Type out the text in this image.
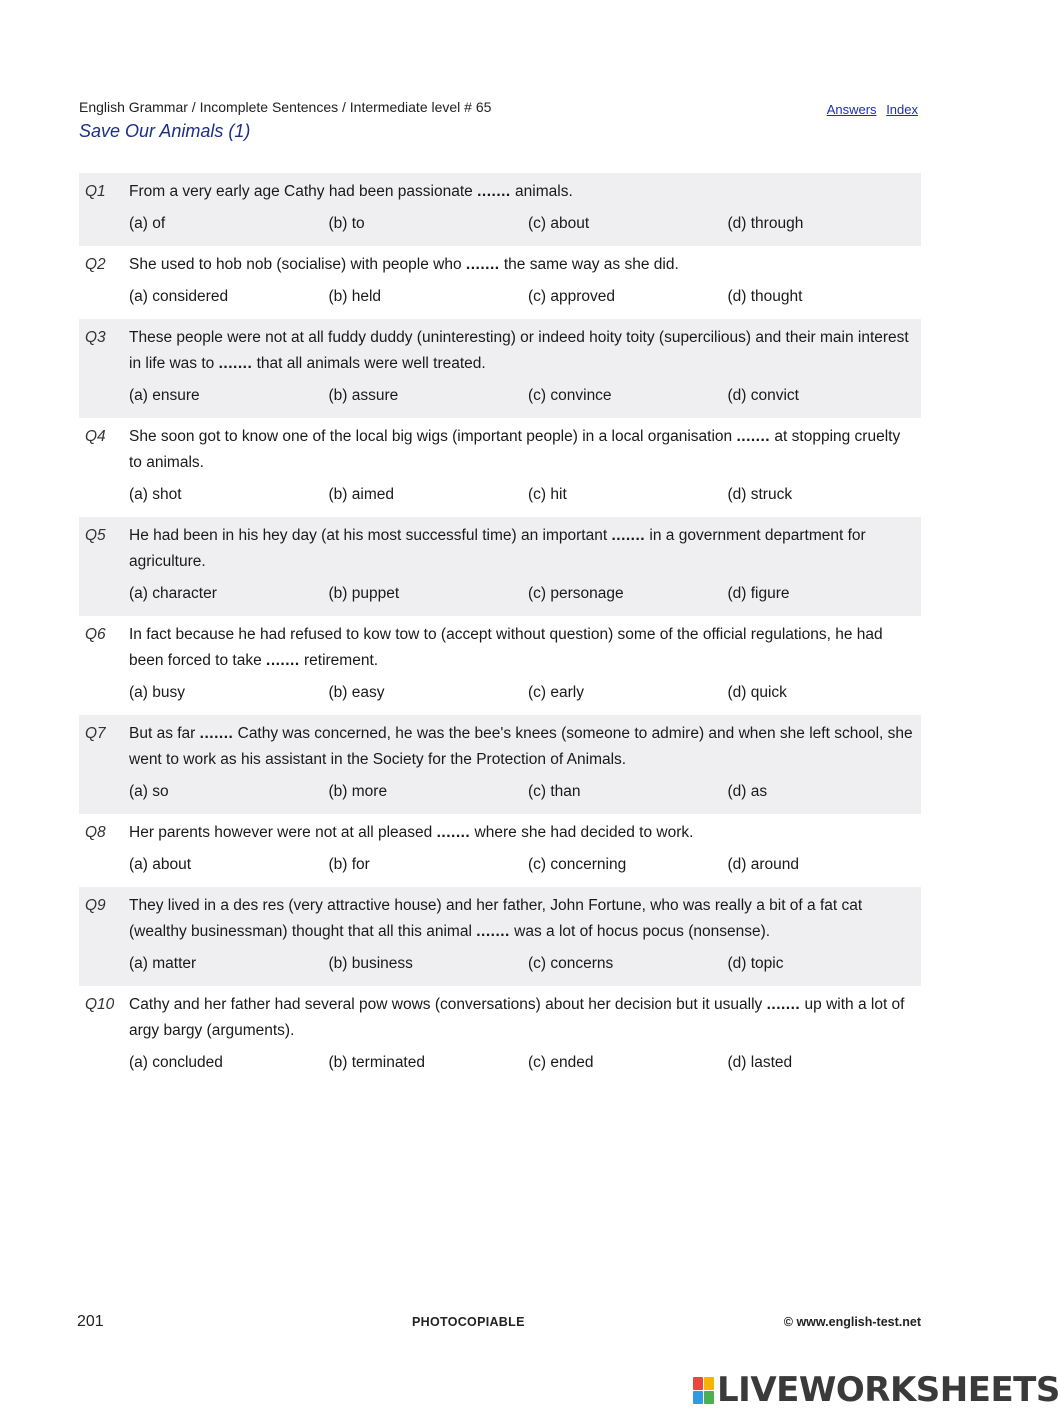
English Grammar / Incomplete Sentences / Intermediate level # 65
Save Our Animals (1)
Answers Index
Q1	From a very early age Cathy had been passionate ....... animals.
(a) of	(b) to	(c) about	(d) through
Q2	She used to hob nob (socialise) with people who ....... the same way as she did.
(a) considered	(b) held	(c) approved	(d) thought
Q3	These people were not at all fuddy duddy (uninteresting) or indeed hoity toity (supercilious) and their main interest in life was to ....... that all animals were well treated.
(a) ensure	(b) assure	(c) convince	(d) convict
Q4	She soon got to know one of the local big wigs (important people) in a local organisation ....... at stopping cruelty to animals.
(a) shot	(b) aimed	(c) hit	(d) struck
Q5	He had been in his hey day (at his most successful time) an important ....... in a government department for agriculture.
(a) character	(b) puppet	(c) personage	(d) figure
Q6	In fact because he had refused to kow tow to (accept without question) some of the official regulations, he had been forced to take ....... retirement.
(a) busy	(b) easy	(c) early	(d) quick
Q7	But as far ....... Cathy was concerned, he was the bee's knees (someone to admire) and when she left school, she went to work as his assistant in the Society for the Protection of Animals.
(a) so	(b) more	(c) than	(d) as
Q8	Her parents however were not at all pleased ....... where she had decided to work.
(a) about	(b) for	(c) concerning	(d) around
Q9	They lived in a des res (very attractive house) and her father, John Fortune, who was really a bit of a fat cat (wealthy businessman) thought that all this animal ....... was a lot of hocus pocus (nonsense).
(a) matter	(b) business	(c) concerns	(d) topic
Q10 Cathy and her father had several pow wows (conversations) about her decision but it usually ....... up with a lot of argy bargy (arguments).
(a) concluded	(b) terminated	(c) ended	(d) lasted
201	PHOTOCOPIABLE	© www.english-test.net
LIVEWORKSHEETS
